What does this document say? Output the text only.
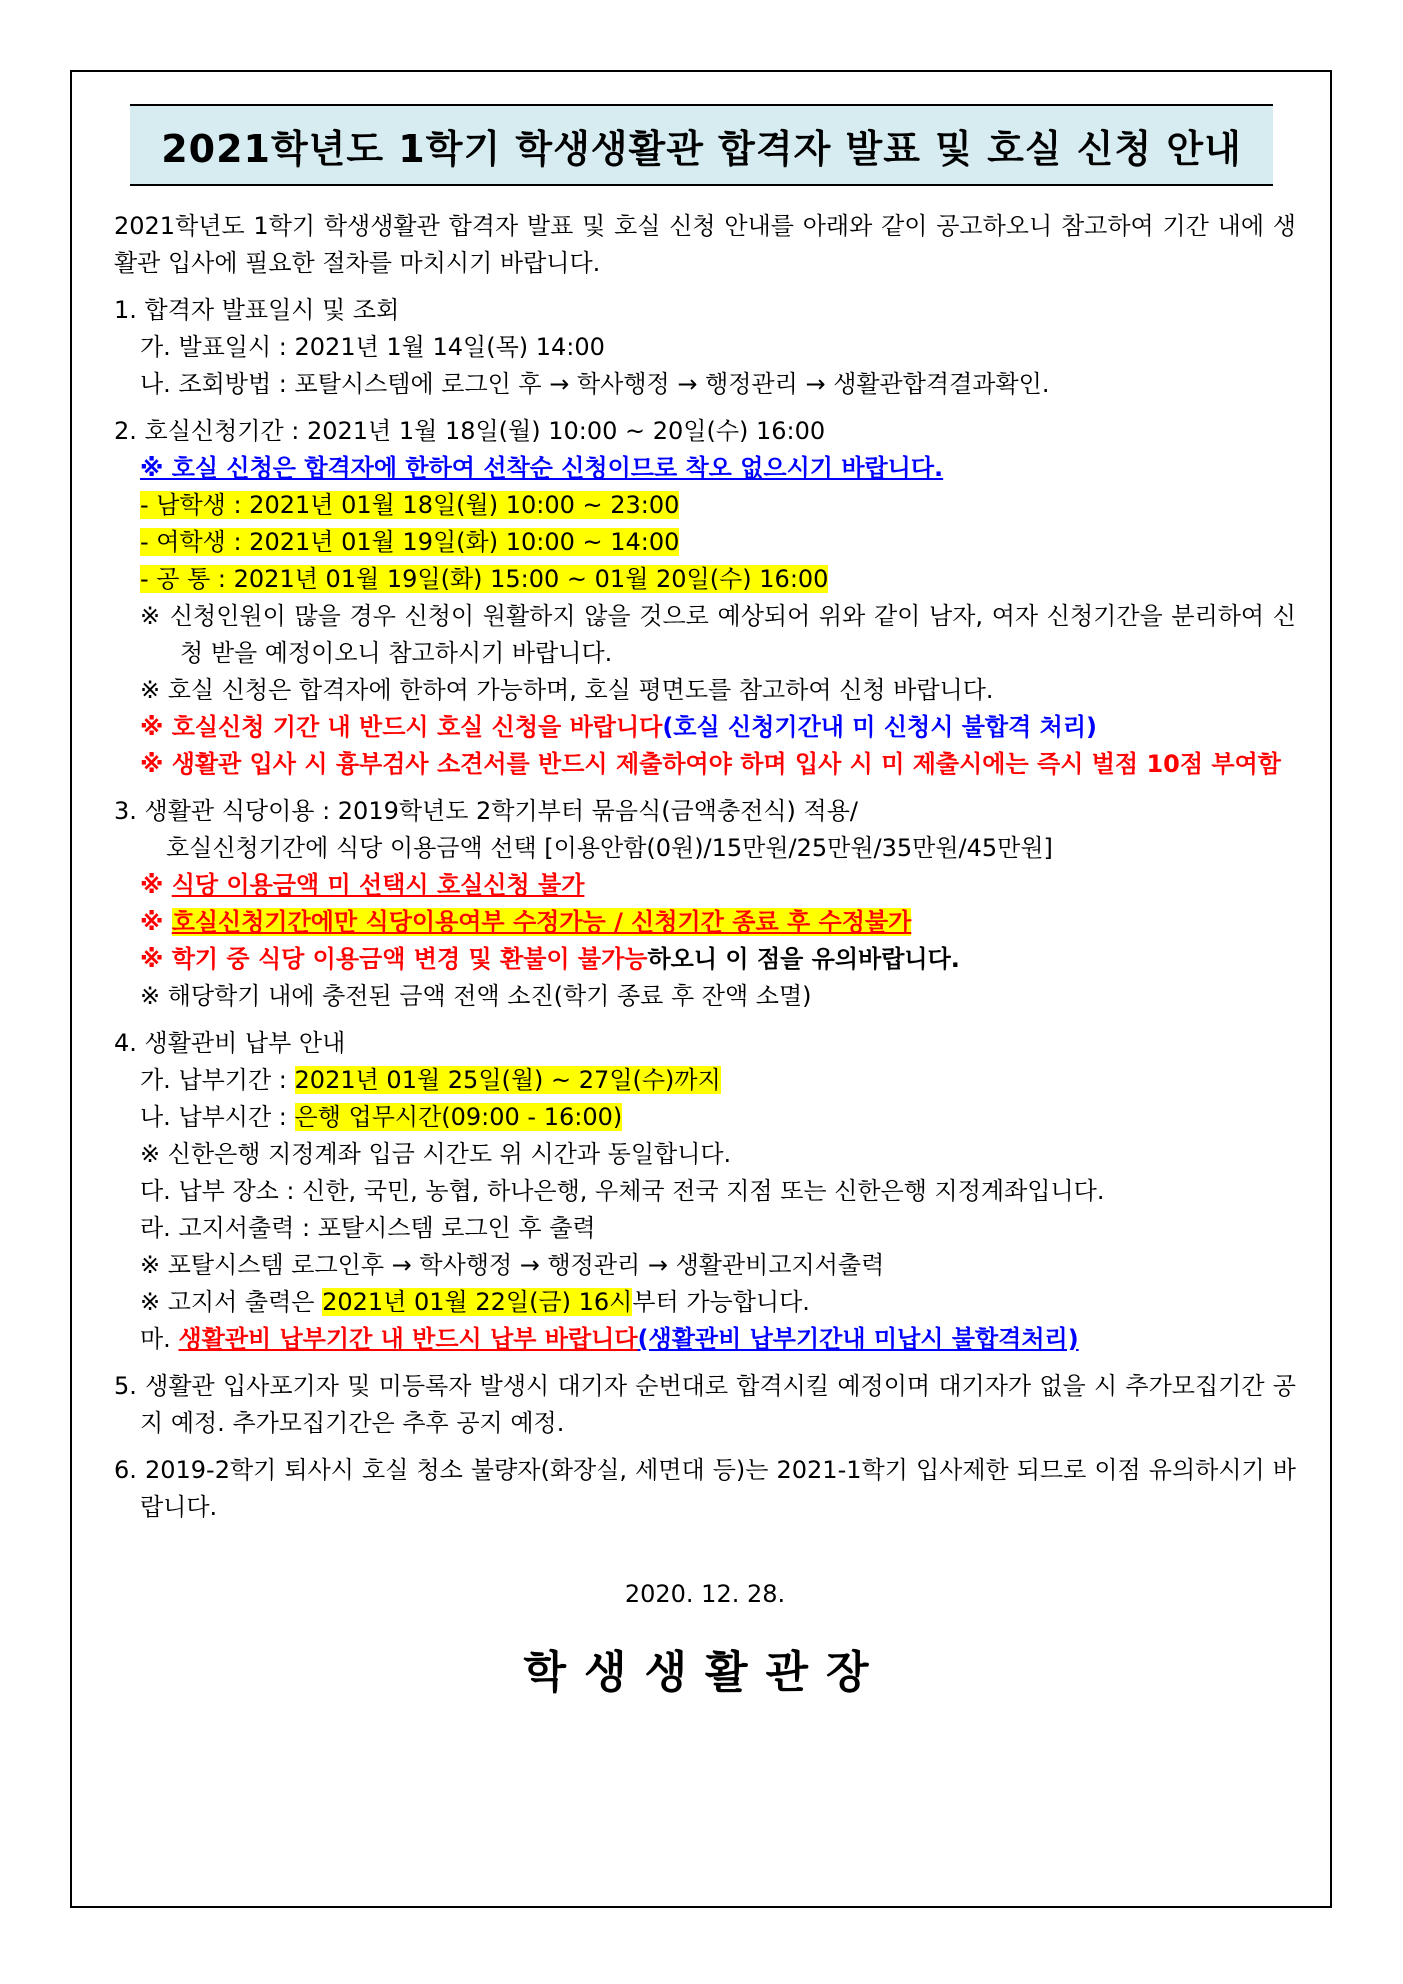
2021학년도 1학기 학생생활관 합격자 발표 및 호실 신청 안내

2021학년도 1학기 학생생활관 합격자 발표 및 호실 신청 안내를 아래와 같이 공고하오니 참고하여 기간 내에 생활관 입사에 필요한 절차를 마치시기 바랍니다.

1. 합격자 발표일시 및 조회

가. 발표일시 : 2021년 1월 14일(목) 14:00

나. 조회방법 : 포탈시스템에 로그인 후 → 학사행정 → 행정관리 → 생활관합격결과확인.

2. 호실신청기간 : 2021년 1월 18일(월) 10:00 ~ 20일(수) 16:00

※ 호실 신청은 합격자에 한하여 선착순 신청이므로 착오 없으시기 바랍니다.

- 남학생 : 2021년 01월 18일(월) 10:00 ~ 23:00

- 여학생 : 2021년 01월 19일(화) 10:00 ~ 14:00

- 공 통 : 2021년 01월 19일(화) 15:00 ~ 01월 20일(수) 16:00

※ 신청인원이 많을 경우 신청이 원활하지 않을 것으로 예상되어 위와 같이 남자, 여자 신청기간을 분리하여 신청 받을 예정이오니 참고하시기 바랍니다.

※ 호실 신청은 합격자에 한하여 가능하며, 호실 평면도를 참고하여 신청 바랍니다.

※ 호실신청 기간 내 반드시 호실 신청을 바랍니다(호실 신청기간내 미 신청시 불합격 처리)

※ 생활관 입사 시 흉부검사 소견서를 반드시 제출하여야 하며 입사 시 미 제출시에는 즉시 벌점 10점 부여함

3. 생활관 식당이용 : 2019학년도 2학기부터 묶음식(금액충전식) 적용/

호실신청기간에 식당 이용금액 선택 [이용안함(0원)/15만원/25만원/35만원/45만원]

※ 식당 이용금액 미 선택시 호실신청 불가

※ 호실신청기간에만 식당이용여부 수정가능 / 신청기간 종료 후 수정불가

※ 학기 중 식당 이용금액 변경 및 환불이 불가능하오니 이 점을 유의바랍니다.

※ 해당학기 내에 충전된 금액 전액 소진(학기 종료 후 잔액 소멸)

4. 생활관비 납부 안내

가. 납부기간 : 2021년 01월 25일(월) ~ 27일(수)까지

나. 납부시간 : 은행 업무시간(09:00 - 16:00)

※ 신한은행 지정계좌 입금 시간도 위 시간과 동일합니다.

다. 납부 장소 : 신한, 국민, 농협, 하나은행, 우체국 전국 지점 또는 신한은행 지정계좌입니다.

라. 고지서출력 : 포탈시스템 로그인 후 출력

※ 포탈시스템 로그인후 → 학사행정 → 행정관리 → 생활관비고지서출력

※ 고지서 출력은 2021년 01월 22일(금) 16시부터 가능합니다.

마. 생활관비 납부기간 내 반드시 납부 바랍니다(생활관비 납부기간내 미납시 불합격처리)

5. 생활관 입사포기자 및 미등록자 발생시 대기자 순번대로 합격시킬 예정이며 대기자가 없을 시 추가모집기간 공지 예정. 추가모집기간은 추후 공지 예정.

6. 2019-2학기 퇴사시 호실 청소 불량자(화장실, 세면대 등)는 2021-1학기 입사제한 되므로 이점 유의하시기 바랍니다.

2020. 12. 28.

학생생활관장
